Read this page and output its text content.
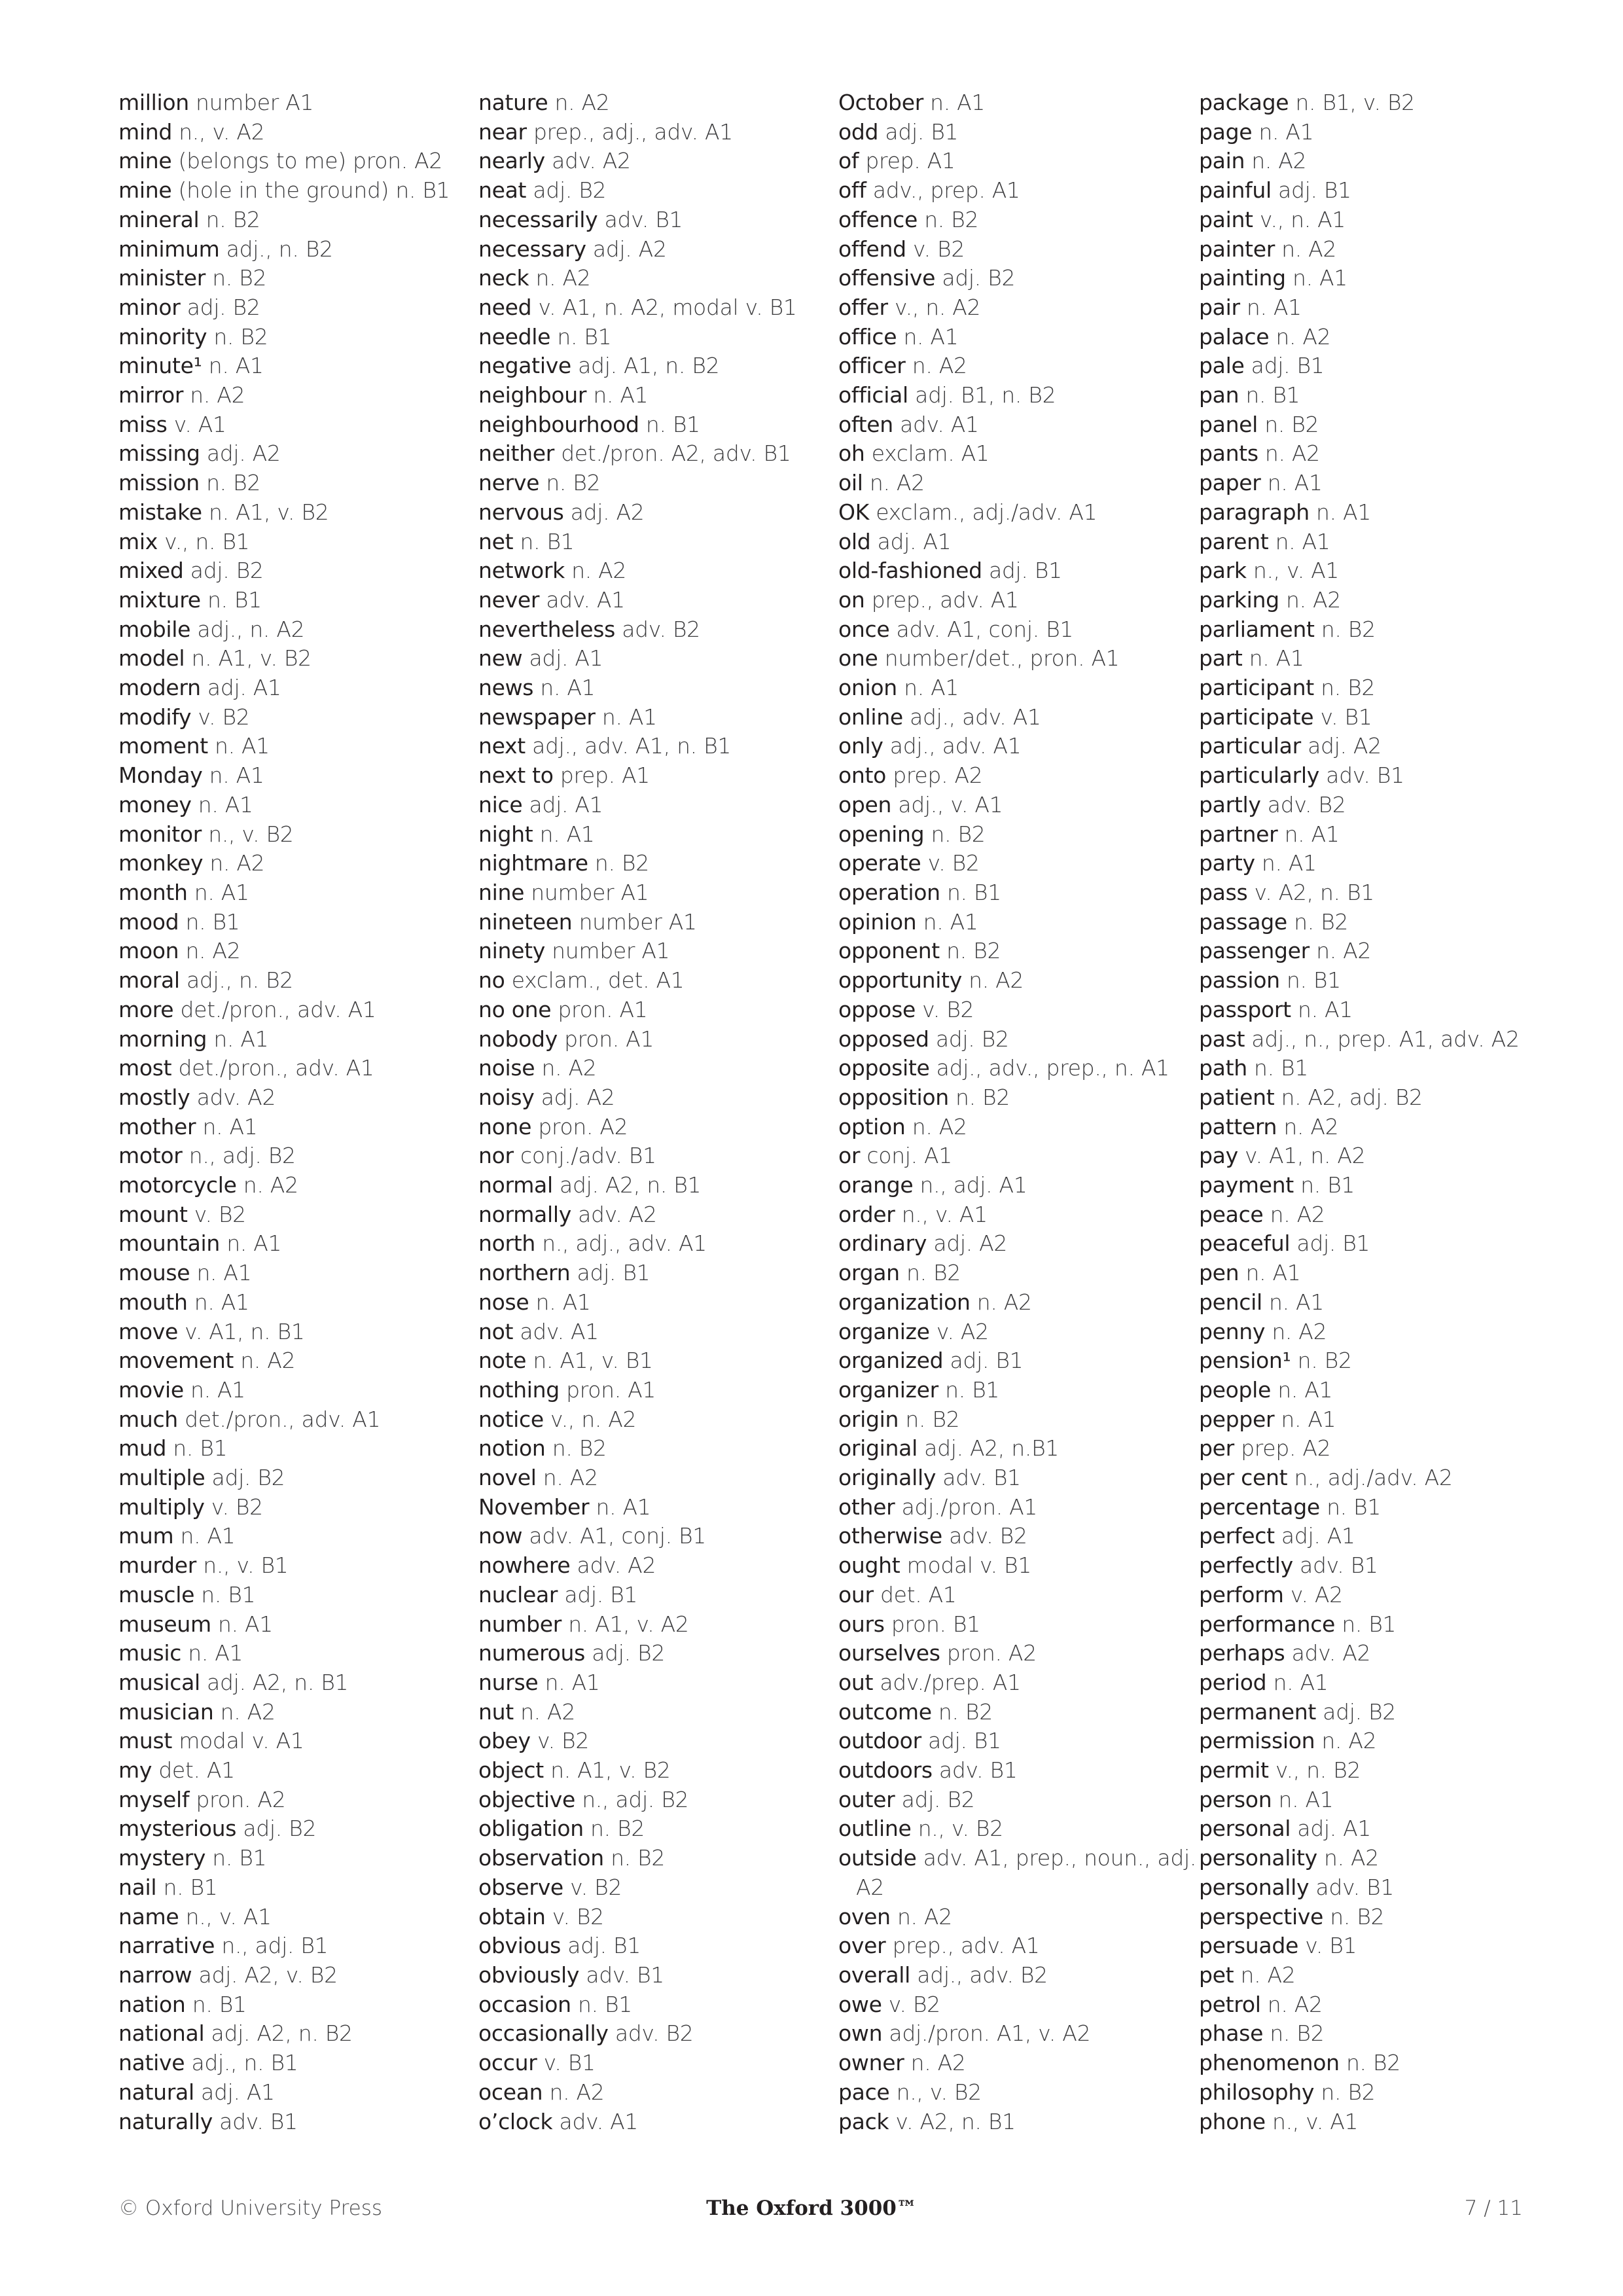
million number A1
mind n., v. A2
mine (belongs to me) pron. A2
mine (hole in the ground) n. B1
mineral n. B2
minimum adj., n. B2
minister n. B2
minor adj. B2
minority n. B2
minute¹ n. A1
mirror n. A2
miss v. A1
missing adj. A2
mission n. B2
mistake n. A1, v. B2
mix v., n. B1
mixed adj. B2
mixture n. B1
mobile adj., n. A2
model n. A1, v. B2
modern adj. A1
modify v. B2
moment n. A1
Monday n. A1
money n. A1
monitor n., v. B2
monkey n. A2
month n. A1
mood n. B1
moon n. A2
moral adj., n. B2
more det./pron., adv. A1
morning n. A1
most det./pron., adv. A1
mostly adv. A2
mother n. A1
motor n., adj. B2
motorcycle n. A2
mount v. B2
mountain n. A1
mouse n. A1
mouth n. A1
move v. A1, n. B1
movement n. A2
movie n. A1
much det./pron., adv. A1
mud n. B1
multiple adj. B2
multiply v. B2
mum n. A1
murder n., v. B1
muscle n. B1
museum n. A1
music n. A1
musical adj. A2, n. B1
musician n. A2
must modal v. A1
my det. A1
myself pron. A2
mysterious adj. B2
mystery n. B1
nail n. B1
name n., v. A1
narrative n., adj. B1
narrow adj. A2, v. B2
nation n. B1
national adj. A2, n. B2
native adj., n. B1
natural adj. A1
naturally adv. B1
nature n. A2
near prep., adj., adv. A1
nearly adv. A2
neat adj. B2
necessarily adv. B1
necessary adj. A2
neck n. A2
need v. A1, n. A2, modal v. B1
needle n. B1
negative adj. A1, n. B2
neighbour n. A1
neighbourhood n. B1
neither det./pron. A2, adv. B1
nerve n. B2
nervous adj. A2
net n. B1
network n. A2
never adv. A1
nevertheless adv. B2
new adj. A1
news n. A1
newspaper n. A1
next adj., adv. A1, n. B1
next to prep. A1
nice adj. A1
night n. A1
nightmare n. B2
nine number A1
nineteen number A1
ninety number A1
no exclam., det. A1
no one pron. A1
nobody pron. A1
noise n. A2
noisy adj. A2
none pron. A2
nor conj./adv. B1
normal adj. A2, n. B1
normally adv. A2
north n., adj., adv. A1
northern adj. B1
nose n. A1
not adv. A1
note n. A1, v. B1
nothing pron. A1
notice v., n. A2
notion n. B2
novel n. A2
November n. A1
now adv. A1, conj. B1
nowhere adv. A2
nuclear adj. B1
number n. A1, v. A2
numerous adj. B2
nurse n. A1
nut n. A2
obey v. B2
object n. A1, v. B2
objective n., adj. B2
obligation n. B2
observation n. B2
observe v. B2
obtain v. B2
obvious adj. B1
obviously adv. B1
occasion n. B1
occasionally adv. B2
occur v. B1
ocean n. A2
o’clock adv. A1
October n. A1
odd adj. B1
of prep. A1
off adv., prep. A1
offence n. B2
offend v. B2
offensive adj. B2
offer v., n. A2
office n. A1
officer n. A2
official adj. B1, n. B2
often adv. A1
oh exclam. A1
oil n. A2
OK exclam., adj./adv. A1
old adj. A1
old-fashioned adj. B1
on prep., adv. A1
once adv. A1, conj. B1
one number/det., pron. A1
onion n. A1
online adj., adv. A1
only adj., adv. A1
onto prep. A2
open adj., v. A1
opening n. B2
operate v. B2
operation n. B1
opinion n. A1
opponent n. B2
opportunity n. A2
oppose v. B2
opposed adj. B2
opposite adj., adv., prep., n. A1
opposition n. B2
option n. A2
or conj. A1
orange n., adj. A1
order n., v. A1
ordinary adj. A2
organ n. B2
organization n. A2
organize v. A2
organized adj. B1
organizer n. B1
origin n. B2
original adj. A2, n.B1
originally adv. B1
other adj./pron. A1
otherwise adv. B2
ought modal v. B1
our det. A1
ours pron. B1
ourselves pron. A2
out adv./prep. A1
outcome n. B2
outdoor adj. B1
outdoors adv. B1
outer adj. B2
outline n., v. B2
outside adv. A1, prep., noun., adj.
A2
oven n. A2
over prep., adv. A1
overall adj., adv. B2
owe v. B2
own adj./pron. A1, v. A2
owner n. A2
pace n., v. B2
pack v. A2, n. B1
package n. B1, v. B2
page n. A1
pain n. A2
painful adj. B1
paint v., n. A1
painter n. A2
painting n. A1
pair n. A1
palace n. A2
pale adj. B1
pan n. B1
panel n. B2
pants n. A2
paper n. A1
paragraph n. A1
parent n. A1
park n., v. A1
parking n. A2
parliament n. B2
part n. A1
participant n. B2
participate v. B1
particular adj. A2
particularly adv. B1
partly adv. B2
partner n. A1
party n. A1
pass v. A2, n. B1
passage n. B2
passenger n. A2
passion n. B1
passport n. A1
past adj., n., prep. A1, adv. A2
path n. B1
patient n. A2, adj. B2
pattern n. A2
pay v. A1, n. A2
payment n. B1
peace n. A2
peaceful adj. B1
pen n. A1
pencil n. A1
penny n. A2
pension¹ n. B2
people n. A1
pepper n. A1
per prep. A2
per cent n., adj./adv. A2
percentage n. B1
perfect adj. A1
perfectly adv. B1
perform v. A2
performance n. B1
perhaps adv. A2
period n. A1
permanent adj. B2
permission n. A2
permit v., n. B2
person n. A1
personal adj. A1
personality n. A2
personally adv. B1
perspective n. B2
persuade v. B1
pet n. A2
petrol n. A2
phase n. B2
phenomenon n. B2
philosophy n. B2
phone n., v. A1
© Oxford University Press	The Oxford 3000™	7 / 11
